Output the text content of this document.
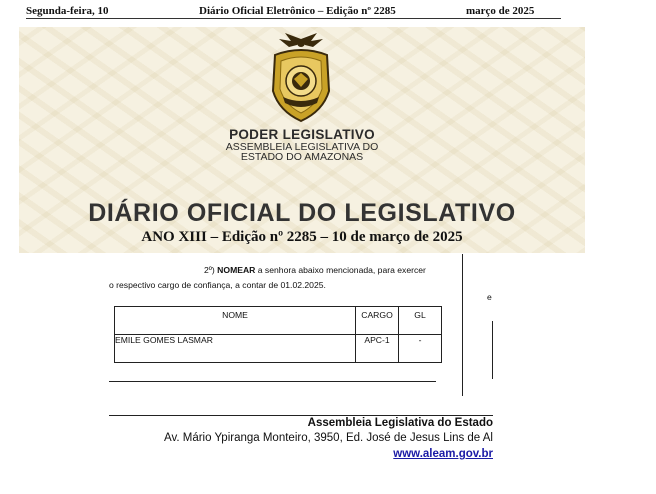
Segunda-feira, 10	Diário Oficial Eletrônico – Edição nº 2285	março de 2025
PODER LEGISLATIVO
ASSEMBLEIA LEGISLATIVA DO
ESTADO DO AMAZONAS
DIÁRIO OFICIAL DO LEGISLATIVO
ANO XIII – Edição nº 2285 – 10 de março de 2025
2º) NOMEAR a senhora abaixo mencionada, para exercer
o respectivo cargo de confiança, a contar de 01.02.2025.
NOME	CARGO	GL
EMILE GOMES LASMAR	APC-1	-
e
Assembleia Legislativa do Estado
Av. Mário Ypiranga Monteiro, 3950, Ed. José de Jesus Lins de Al
www.aleam.gov.br
